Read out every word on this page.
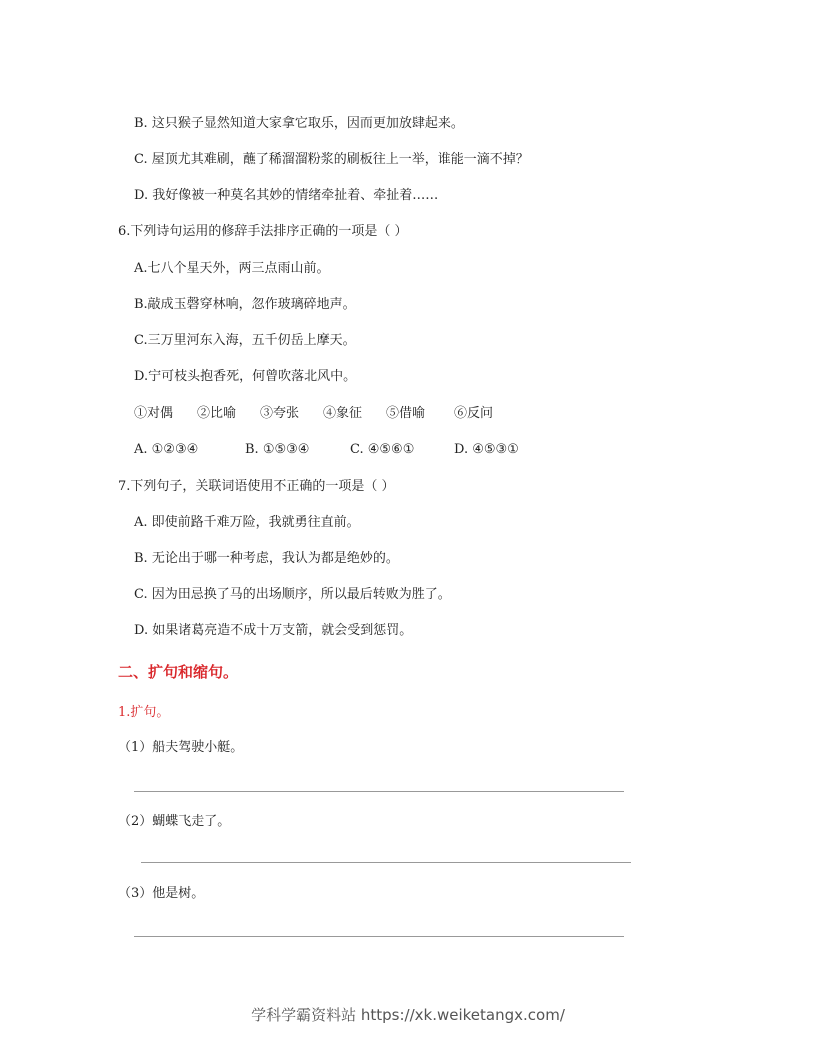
B. 这只猴子显然知道大家拿它取乐，因而更加放肆起来。
C. 屋顶尤其难刷，蘸了稀溜溜粉浆的刷板往上一举，谁能一滴不掉？
D. 我好像被一种莫名其妙的情绪牵扯着、牵扯着……
6.下列诗句运用的修辞手法排序正确的一项是（ ）
A.七八个星天外，两三点雨山前。
B.敲成玉磬穿林响，忽作玻璃碎地声。
C.三万里河东入海，五千仞岳上摩天。
D.宁可枝头抱香死，何曾吹落北风中。
①对偶 ②比喻 ③夸张 ④象征 ⑤借喻 ⑥反问
A. ①②③④	B. ①⑤③④	C. ④⑤⑥①	D. ④⑤③①
7.下列句子，关联词语使用不正确的一项是（ ）
A. 即使前路千难万险，我就勇往直前。
B. 无论出于哪一种考虑，我认为都是绝妙的。
C. 因为田忌换了马的出场顺序，所以最后转败为胜了。
D. 如果诸葛亮造不成十万支箭，就会受到惩罚。
二、扩句和缩句。
1.扩句。
（1）船夫驾驶小艇。
（2）蝴蝶飞走了。
（3）他是树。
学科学霸资料站 https://xk.weiketangx.com/
